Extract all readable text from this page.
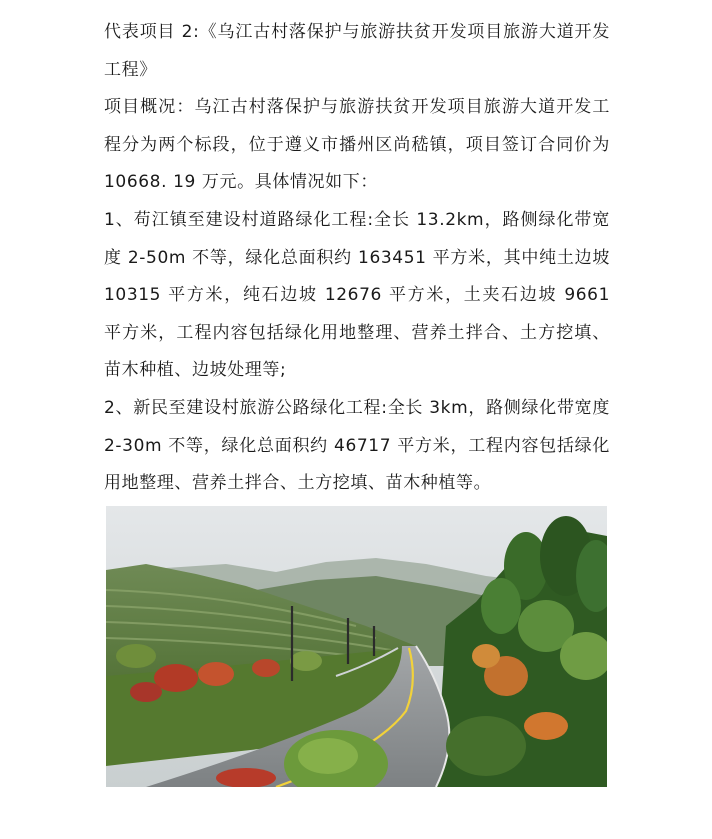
代表项目 2:《乌江古村落保护与旅游扶贫开发项目旅游大道开发工程》

项目概况：乌江古村落保护与旅游扶贫开发项目旅游大道开发工程分为两个标段，位于遵义市播州区尚嵇镇，项目签订合同价为 10668. 19 万元。具体情况如下：

1、苟江镇至建设村道路绿化工程:全长 13.2km，路侧绿化带宽度 2-50m 不等，绿化总面积约 163451 平方米，其中纯土边坡 10315 平方米，纯石边坡 12676 平方米，土夹石边坡 9661 平方米，工程内容包括绿化用地整理、营养土拌合、土方挖填、苗木种植、边坡处理等;

2、新民至建设村旅游公路绿化工程:全长 3km，路侧绿化带宽度 2-30m 不等，绿化总面积约 46717 平方米，工程内容包括绿化用地整理、营养土拌合、土方挖填、苗木种植等。
